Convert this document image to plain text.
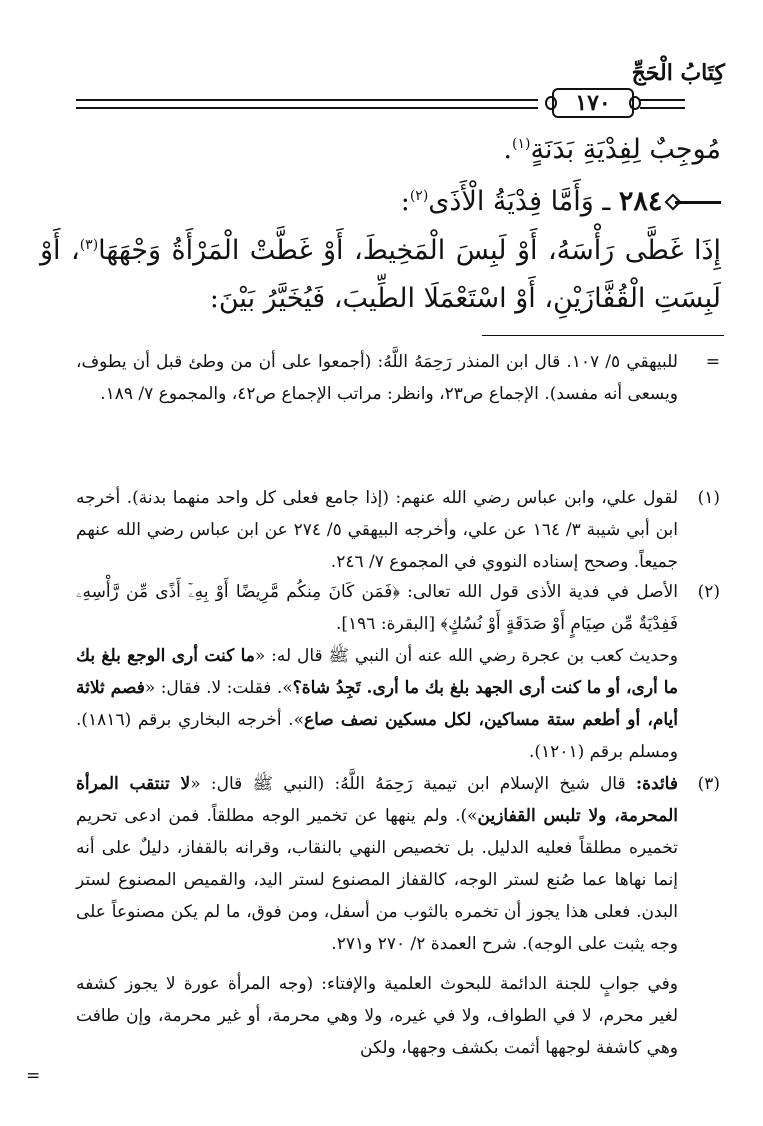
كِتَابُ الْحَجِّ
١٧٠
مُوجِبٌ لِفِدْيَةِ بَدَنَةٍ$^{(١)}$.
٢٨٤ ـ وَأَمَّا فِدْيَةُ الْأَذَى$^{(٢)}$:
إِذَا غَطَّى رَأْسَهُ، أَوْ لَبِسَ الْمَخِيطَ، أَوْ غَطَّتْ الْمَرْأَةُ وَجْهَهَا$^{(٣)}$، أَوْ
لَبِسَتِ الْقُفَّازَيْنِ، أَوْ اسْتَعْمَلَا الطِّيبَ، فَيُخَيَّرُ بَيْنَ:
=
للبيهقي ٥/ ١٠٧. قال ابن المنذر رَحِمَهُ اللَّهُ: (أجمعوا على أن من وطئ قبل أن يطوف، ويسعى أنه مفسد). الإجماع ص٢٣، وانظر: مراتب الإجماع ص٤٢، والمجموع ٧/ ١٨٩.
(١)
لقول علي، وابن عباس رضي الله عنهم: (إذا جامع فعلى كل واحد منهما بدنة). أخرجه ابن أبي شيبة ٣/ ١٦٤ عن علي، وأخرجه البيهقي ٥/ ٢٧٤ عن ابن عباس رضي الله عنهم جميعاً. وصحح إسناده النووي في المجموع ٧/ ٢٤٦.
(٢)
الأصل في فدية الأذى قول الله تعالى: ﴿فَمَن كَانَ مِنكُم مَّرِيضًا أَوْ بِهِۦٓ أَذًى مِّن رَّأْسِهِۦ فَفِدْيَةٌ مِّن صِيَامٍ أَوْ صَدَقَةٍ أَوْ نُسُكٍ﴾ [البقرة: ١٩٦].
وحديث كعب بن عجرة رضي الله عنه أن النبي ﷺ قال له: «ما كنت أرى الوجع بلغ بك ما أرى، أو ما كنت أرى الجهد بلغ بك ما أرى. تَجِدُ شاة؟». فقلت: لا. فقال: «فصم ثلاثة أيام، أو أطعم ستة مساكين، لكل مسكين نصف صاع». أخرجه البخاري برقم (١٨١٦). ومسلم برقم (١٢٠١).
(٣)
فائدة: قال شيخ الإسلام ابن تيمية رَحِمَهُ اللَّهُ: (النبي ﷺ قال: «لا تنتقب المرأة المحرمة، ولا تلبس القفازين»). ولم ينهها عن تخمير الوجه مطلقاً. فمن ادعى تحريم تخميره مطلقاً فعليه الدليل. بل تخصيص النهي بالنقاب، وقرانه بالقفاز، دليلٌ على أنه إنما نهاها عما صُنع لستر الوجه، كالقفاز المصنوع لستر اليد، والقميص المصنوع لستر البدن. فعلى هذا يجوز أن تخمره بالثوب من أسفل، ومن فوق، ما لم يكن مصنوعاً على وجه يثبت على الوجه). شرح العمدة ٢/ ٢٧٠ و٢٧١.
وفي جوابٍ للجنة الدائمة للبحوث العلمية والإفتاء: (وجه المرأة عورة لا يجوز كشفه لغير محرم، لا في الطواف، ولا في غيره، ولا وهي محرمة، أو غير محرمة، وإن طافت وهي كاشفة لوجهها أثمت بكشف وجهها، ولكن
=
